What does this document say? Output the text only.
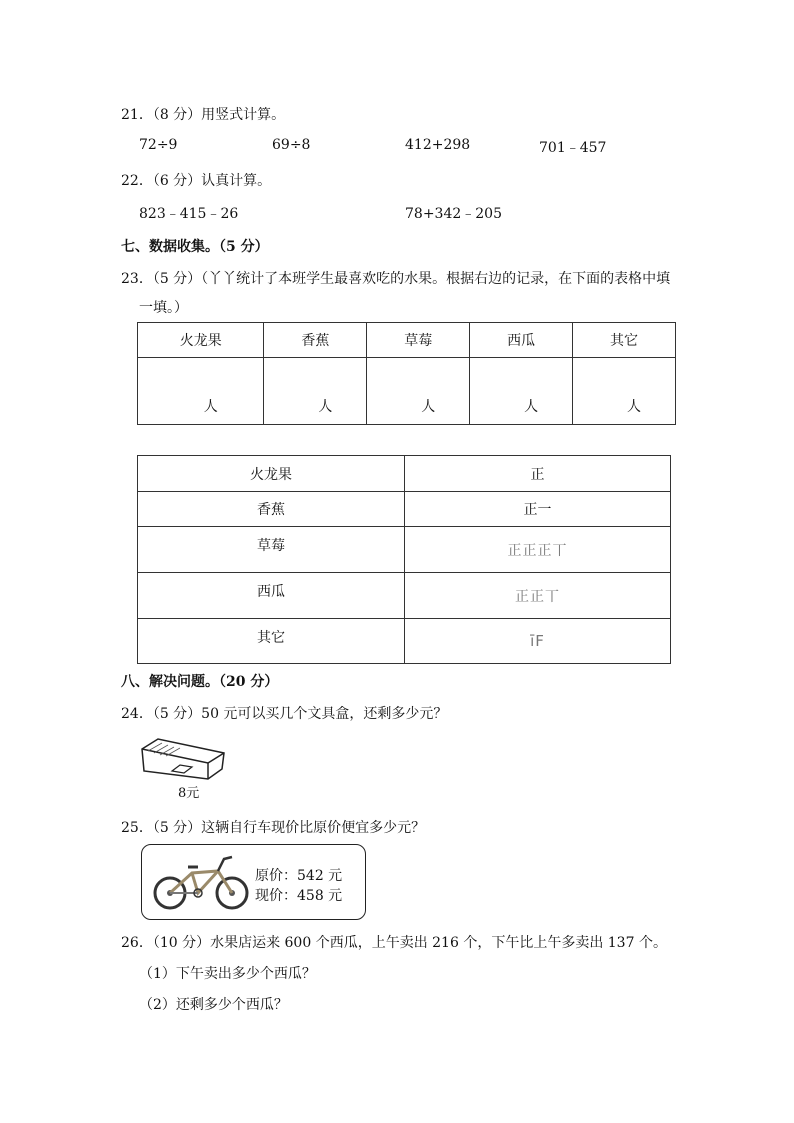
21．（8 分）用竖式计算。
72÷9	69÷8	412+298	701﹣457
22．（6 分）认真计算。
823﹣415﹣26	78+342﹣205
七、数据收集。（5 分）
23．（5 分）（丫丫统计了本班学生最喜欢吃的水果。根据右边的记录，在下面的表格中填
一填。）
火龙果	香蕉	草莓	西瓜	其它
人	人	人	人	人
火龙果	正
香蕉	正一
草莓	正正正丅
西瓜	正正丅
其它	īF
八、解决问题。（20 分）
24．（5 分）50 元可以买几个文具盒，还剩多少元？
8元
25．（5 分）这辆自行车现价比原价便宜多少元？
原价：542 元
现价：458 元
26．（10 分）水果店运来 600 个西瓜，上午卖出 216 个，下午比上午多卖出 137 个。
（1）下午卖出多少个西瓜？
（2）还剩多少个西瓜？
